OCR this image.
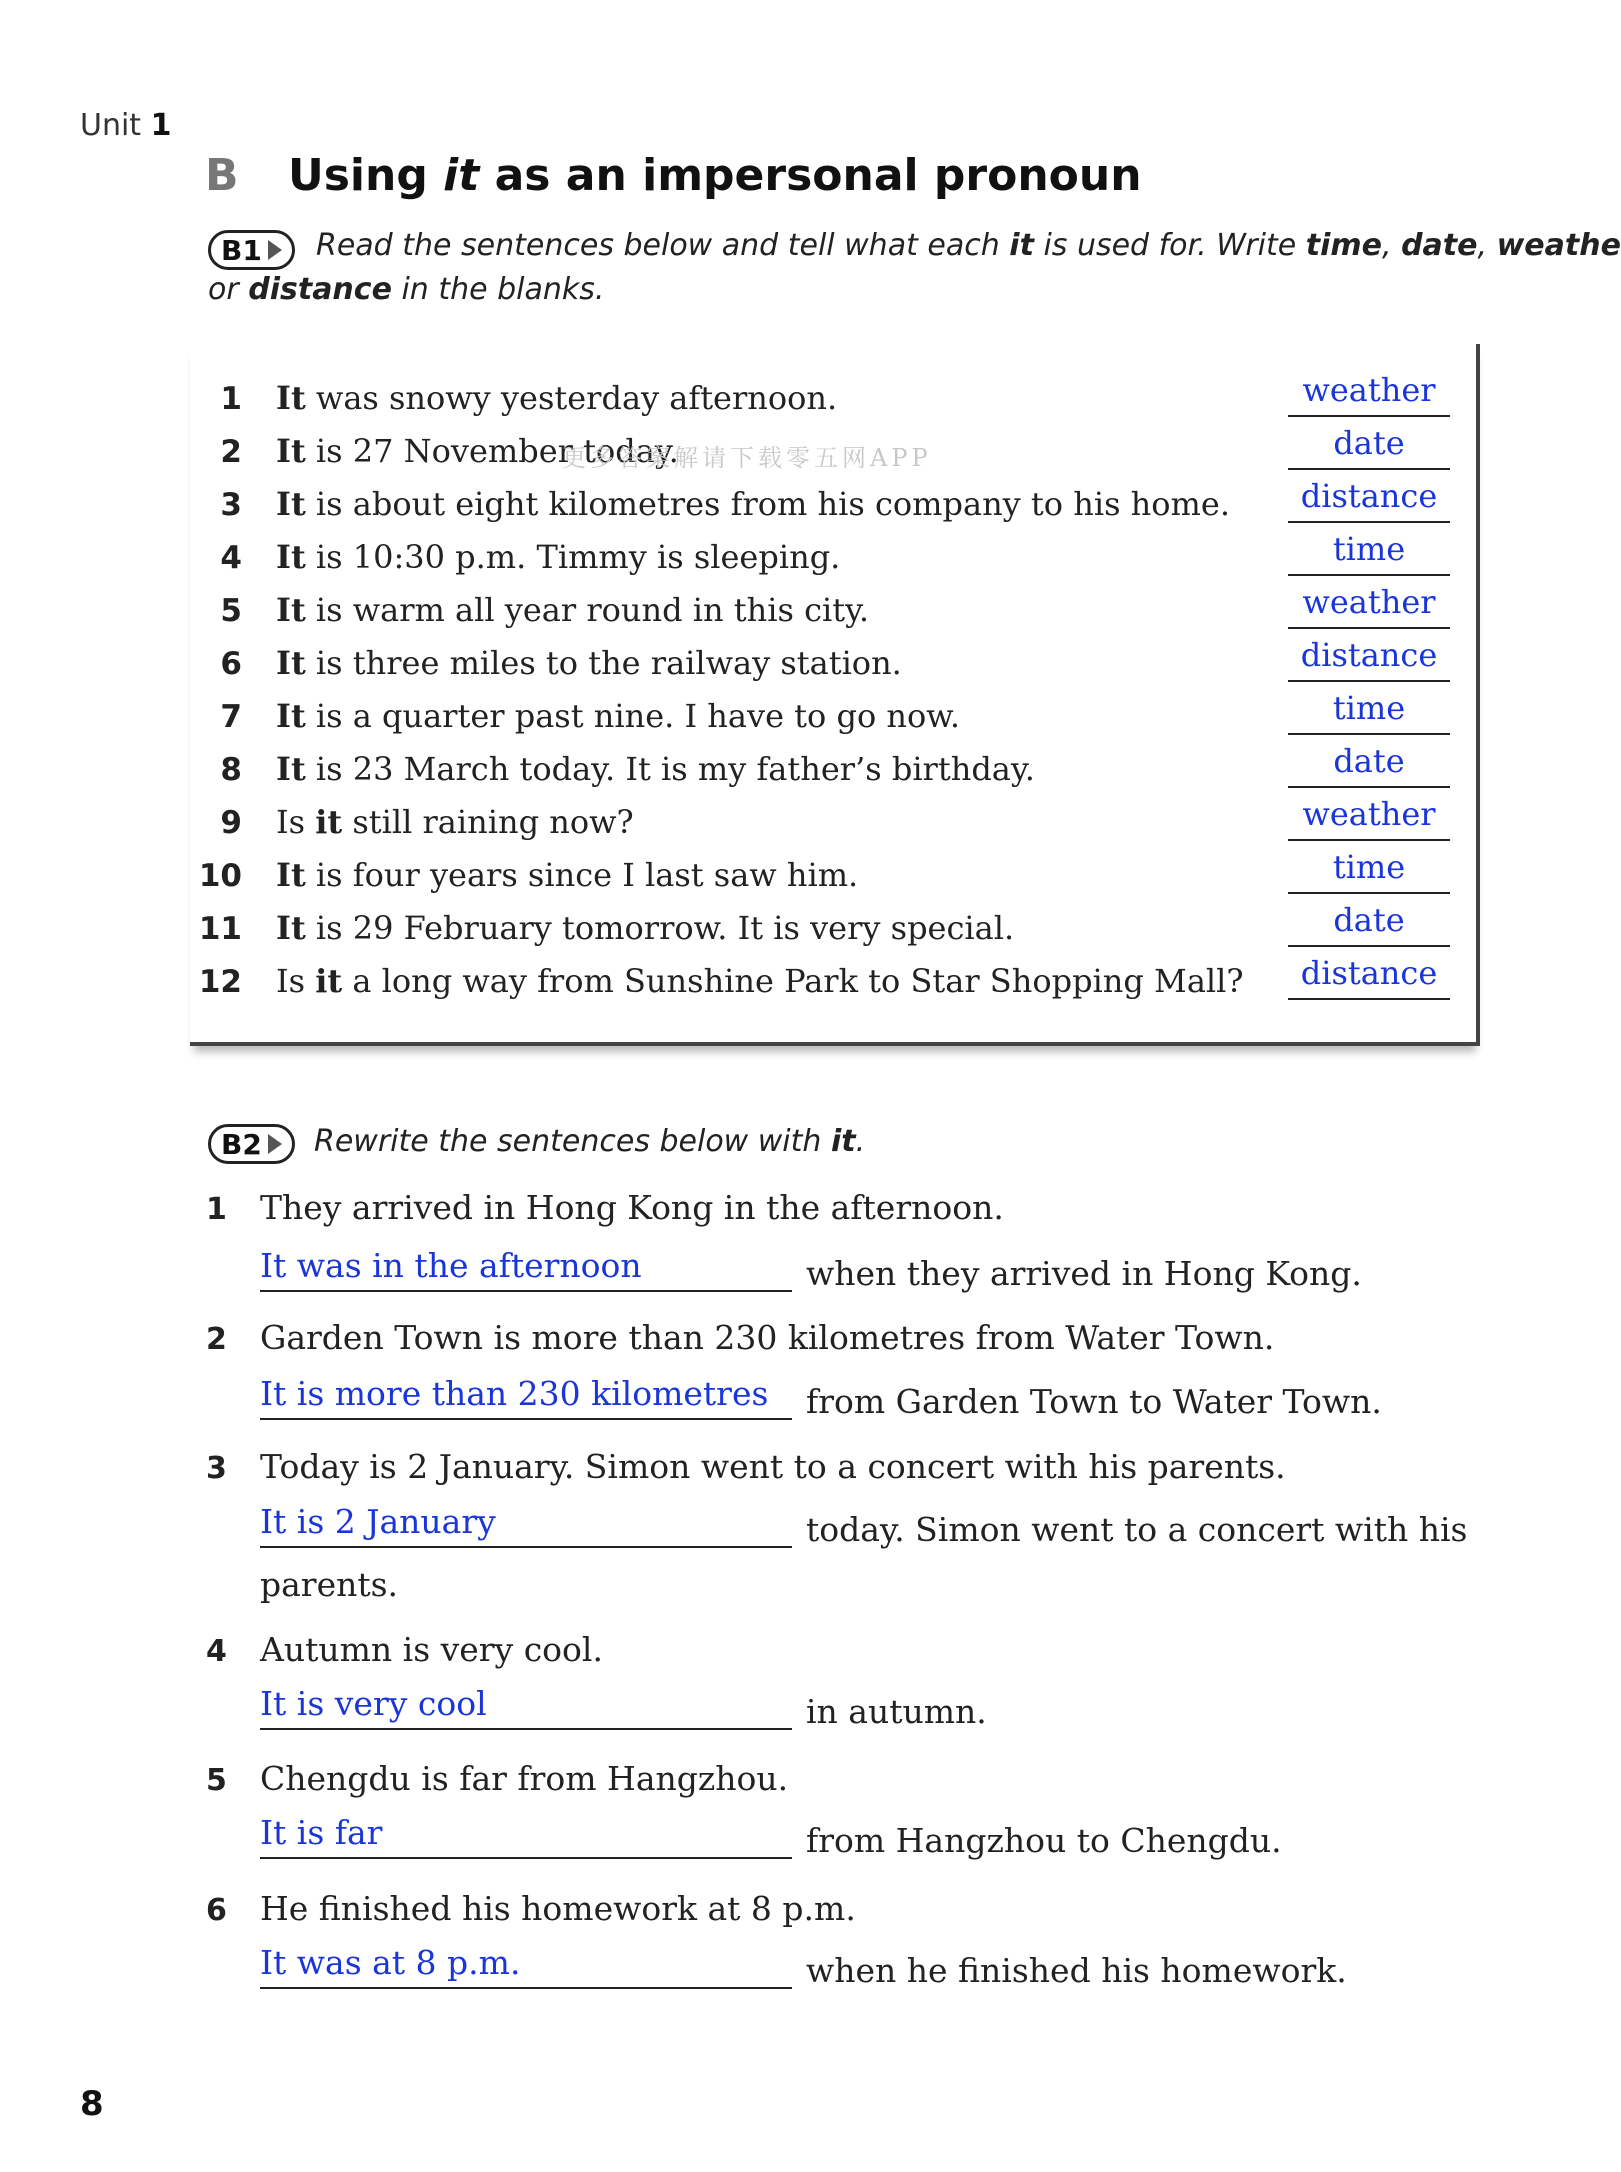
Unit 1
B Using it as an impersonal pronoun
B1 Read the sentences below and tell what each it is used for. Write time, date, weathe
or distance in the blanks.
1 It was snowy yesterday afternoon.	weather
2 It is 27 November today.	date
3 It is about eight kilometres from his company to his home.	distance
4 It is 10:30 p.m. Timmy is sleeping.	time
5 It is warm all year round in this city.	weather
6 It is three miles to the railway station.	distance
7 It is a quarter past nine. I have to go now.	time
8 It is 23 March today. It is my father’s birthday.	date
9 Is it still raining now?	weather
10 It is four years since I last saw him.	time
11 It is 29 February tomorrow. It is very special.	date
12 Is it a long way from Sunshine Park to Star Shopping Mall?	distance
更多答案解请下载零五网APP
B2 Rewrite the sentences below with it.
1 They arrived in Hong Kong in the afternoon.
It was in the afternoon	when they arrived in Hong Kong.
2 Garden Town is more than 230 kilometres from Water Town.
It is more than 230 kilometres	from Garden Town to Water Town.
3 Today is 2 January. Simon went to a concert with his parents.
It is 2 January	today. Simon went to a concert with his
parents.
4 Autumn is very cool.
It is very cool	in autumn.
5 Chengdu is far from Hangzhou.
It is far	from Hangzhou to Chengdu.
6 He finished his homework at 8 p.m.
It was at 8 p.m.	when he finished his homework.
8
